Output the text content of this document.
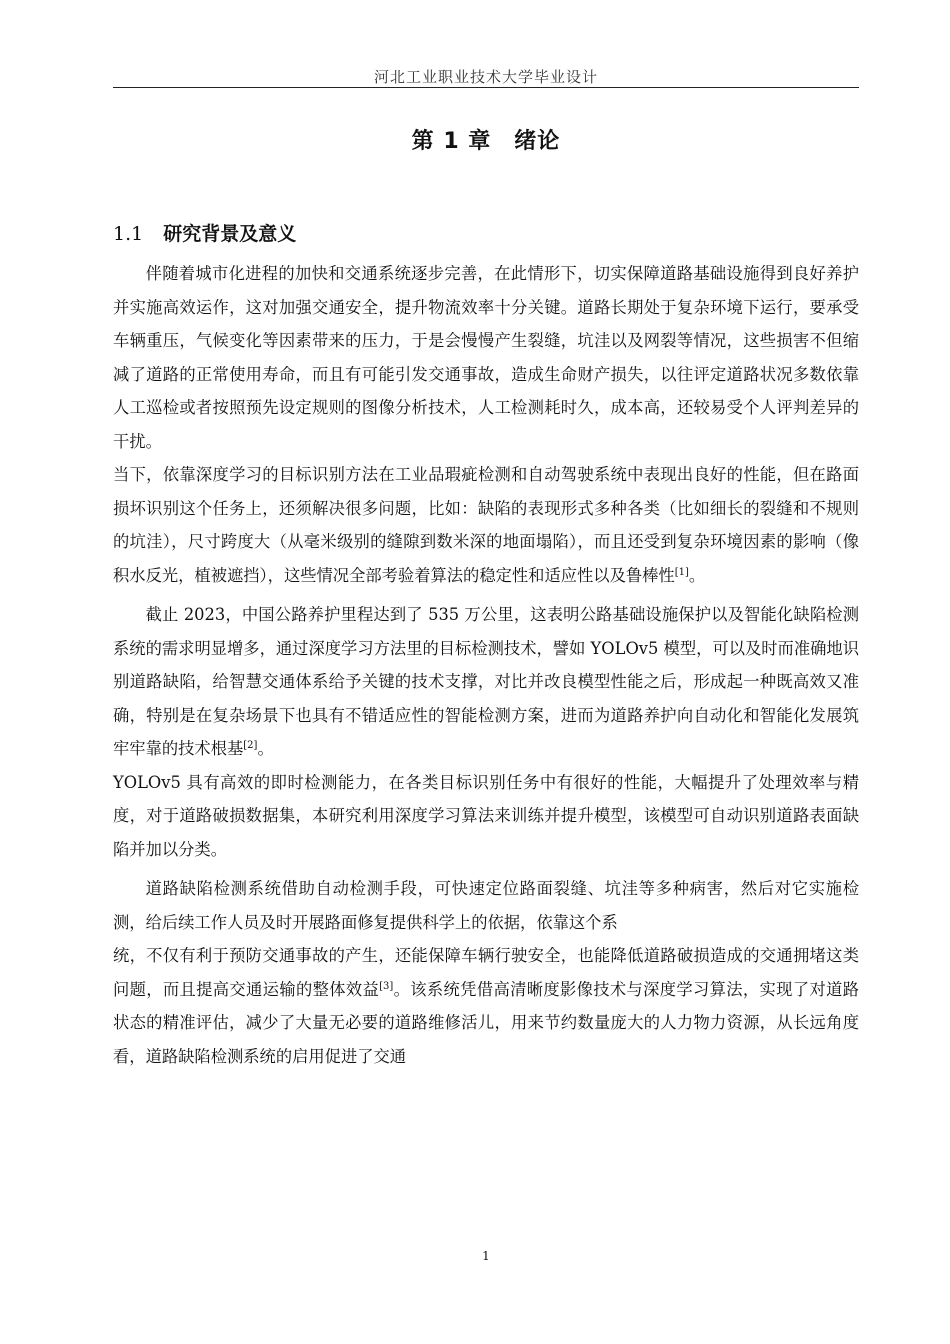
河北工业职业技术大学毕业设计
第 1 章　绪论
1.1 研究背景及意义

伴随着城市化进程的加快和交通系统逐步完善，在此情形下，切实保障道路基础设施得到良好养护并实施高效运作，这对加强交通安全，提升物流效率十分关键。道路长期处于复杂环境下运行，要承受车辆重压，气候变化等因素带来的压力，于是会慢慢产生裂缝，坑洼以及网裂等情况，这些损害不但缩减了道路的正常使用寿命，而且有可能引发交通事故，造成生命财产损失，以往评定道路状况多数依靠人工巡检或者按照预先设定规则的图像分析技术，人工检测耗时久，成本高，还较易受个人评判差异的干扰。

当下，依靠深度学习的目标识别方法在工业品瑕疵检测和自动驾驶系统中表现出良好的性能，但在路面损坏识别这个任务上，还须解决很多问题，比如：缺陷的表现形式多种各类（比如细长的裂缝和不规则的坑洼），尺寸跨度大（从毫米级别的缝隙到数米深的地面塌陷），而且还受到复杂环境因素的影响（像积水反光，植被遮挡），这些情况全部考验着算法的稳定性和适应性以及鲁棒性[1]。

截止 2023，中国公路养护里程达到了 535 万公里，这表明公路基础设施保护以及智能化缺陷检测系统的需求明显增多，通过深度学习方法里的目标检测技术，譬如 YOLOv5 模型，可以及时而准确地识别道路缺陷，给智慧交通体系给予关键的技术支撑，对比并改良模型性能之后，形成起一种既高效又准确，特别是在复杂场景下也具有不错适应性的智能检测方案，进而为道路养护向自动化和智能化发展筑牢牢靠的技术根基[2]。

YOLOv5 具有高效的即时检测能力，在各类目标识别任务中有很好的性能，大幅提升了处理效率与精度，对于道路破损数据集，本研究利用深度学习算法来训练并提升模型，该模型可自动识别道路表面缺陷并加以分类。

道路缺陷检测系统借助自动检测手段，可快速定位路面裂缝、坑洼等多种病害，然后对它实施检测，给后续工作人员及时开展路面修复提供科学上的依据，依靠这个系

统，不仅有利于预防交通事故的产生，还能保障车辆行驶安全，也能降低道路破损造成的交通拥堵这类问题，而且提高交通运输的整体效益[3]。该系统凭借高清晰度影像技术与深度学习算法，实现了对道路状态的精准评估，减少了大量无必要的道路维修活儿，用来节约数量庞大的人力物力资源，从长远角度看，道路缺陷检测系统的启用促进了交通

1
